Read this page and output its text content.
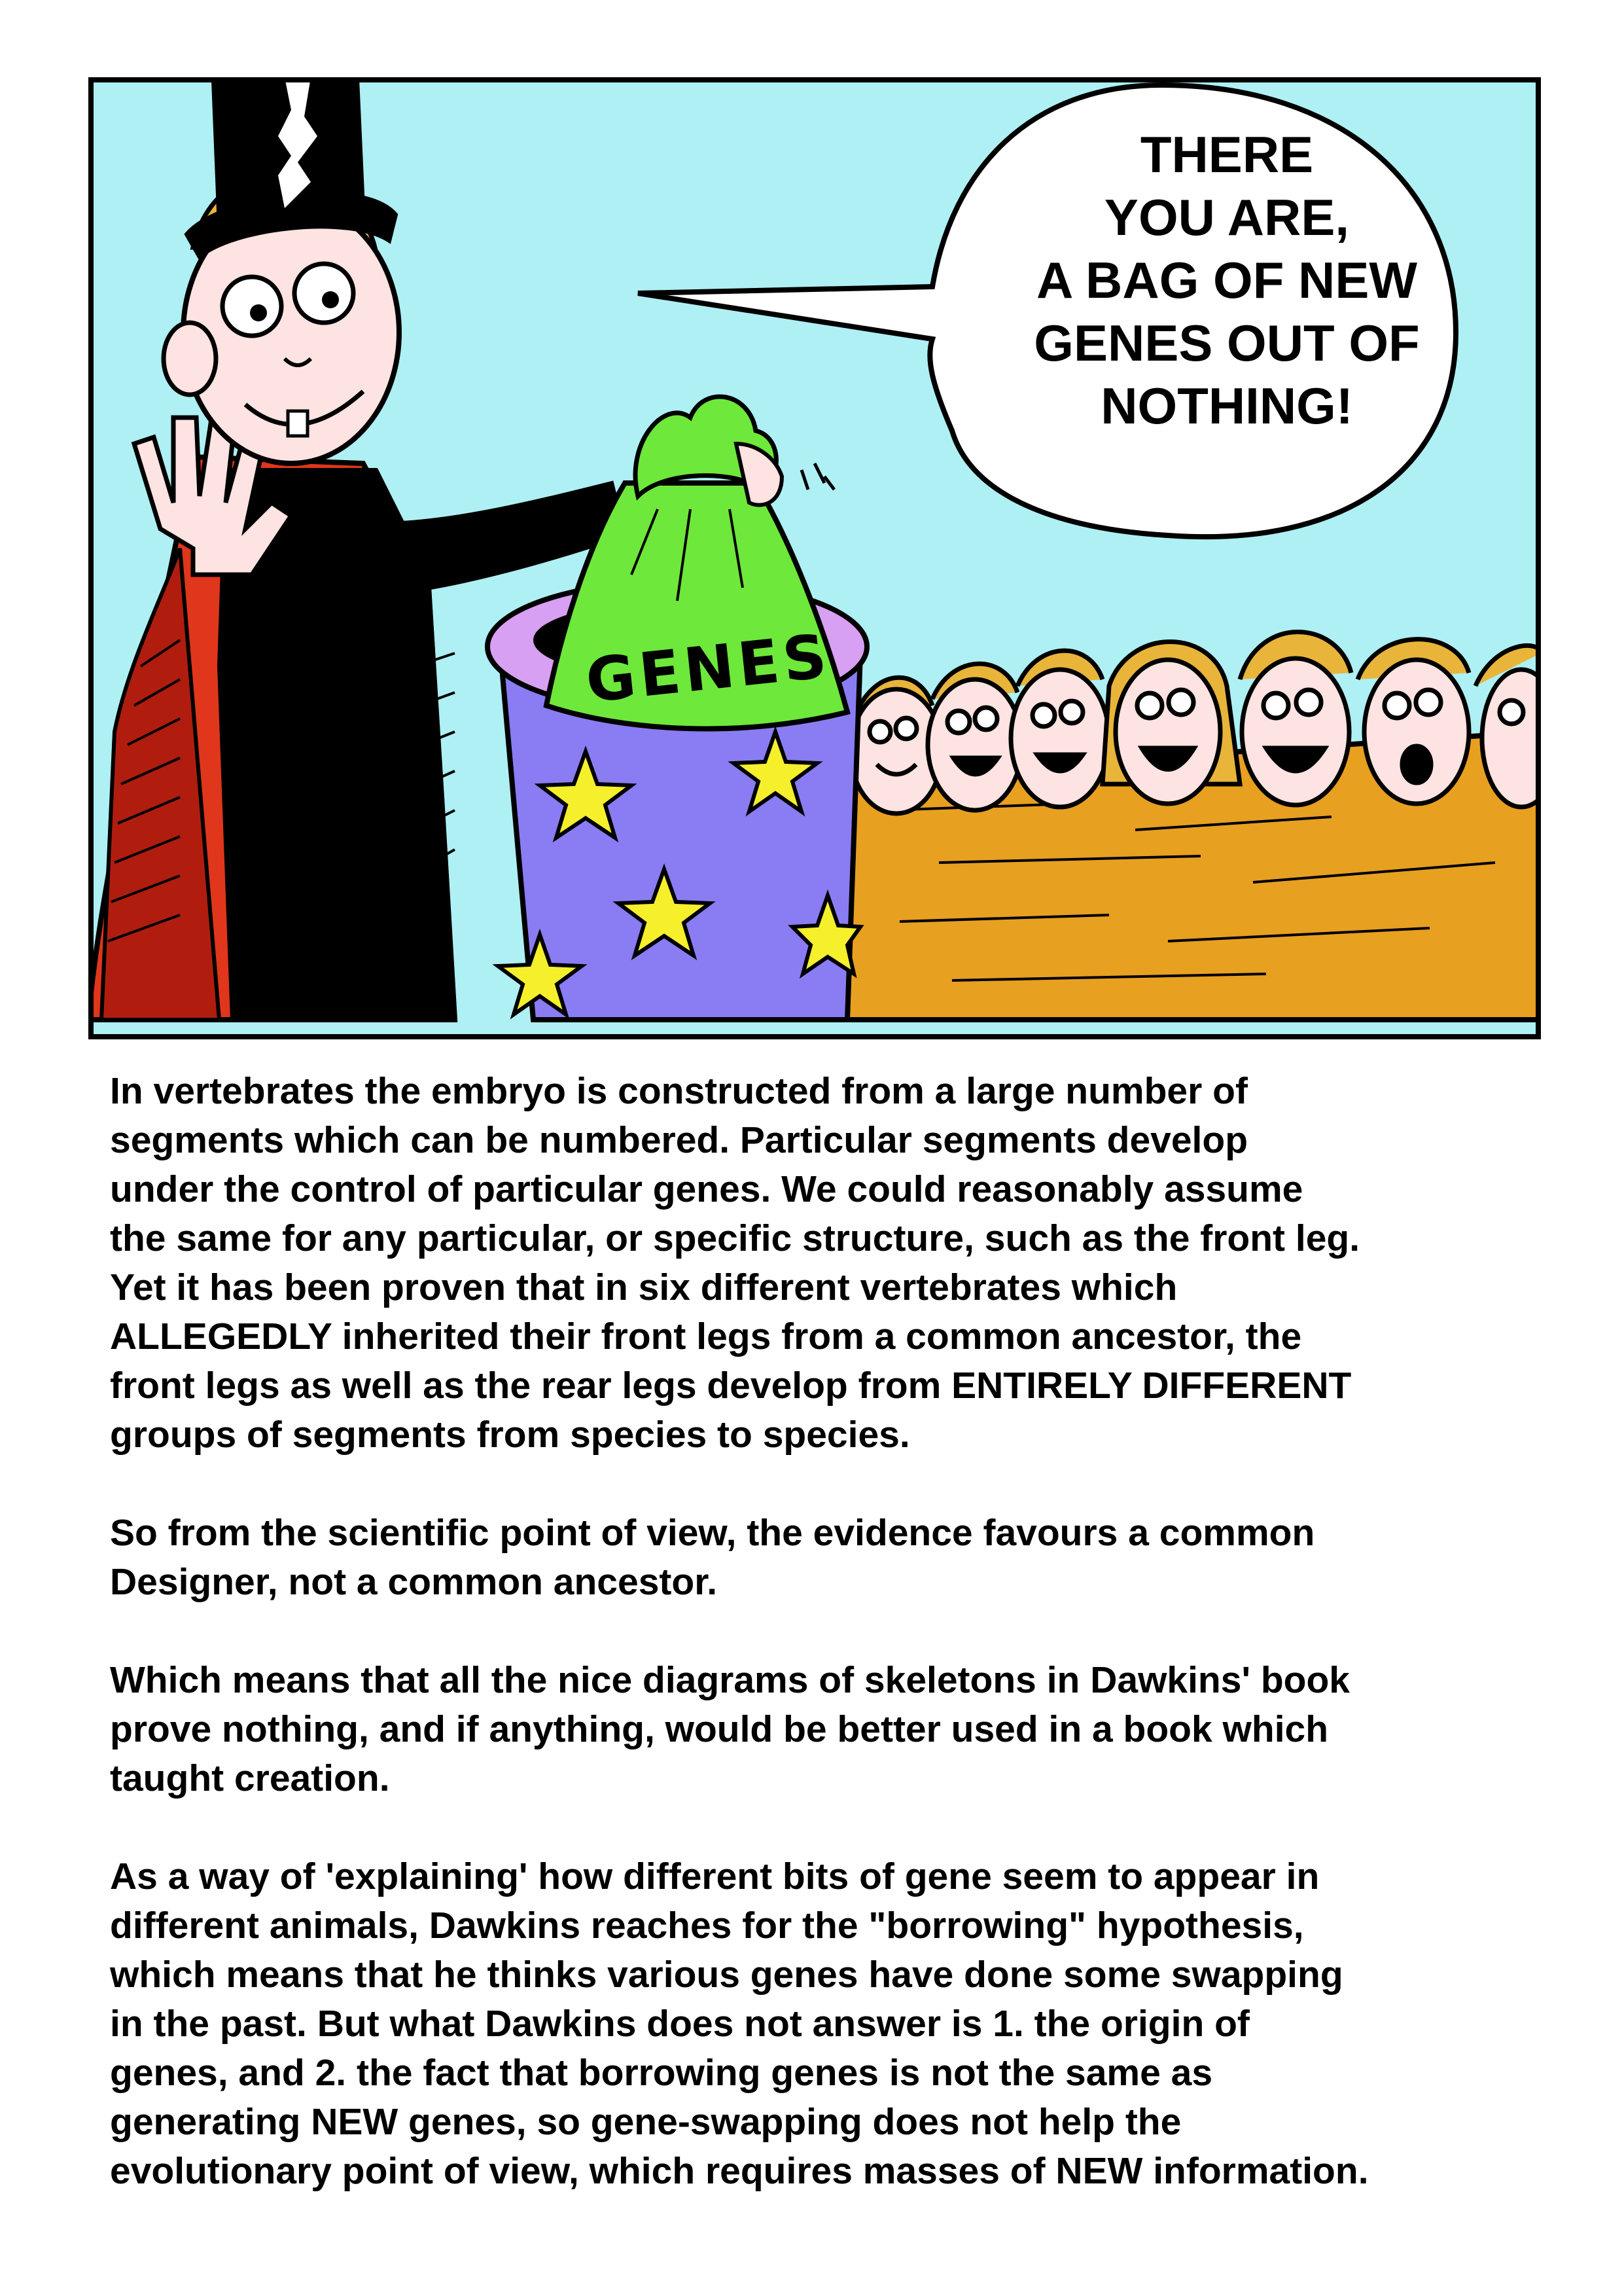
THERE
YOU ARE,
A BAG OF NEW
GENES OUT OF
NOTHING!
GENES

In vertebrates the embryo is constructed from a large number of
segments which can be numbered. Particular segments develop
under the control of particular genes. We could reasonably assume
the same for any particular, or specific structure, such as the front leg.
Yet it has been proven that in six different vertebrates which
ALLEGEDLY inherited their front legs from a common ancestor, the
front legs as well as the rear legs develop from ENTIRELY DIFFERENT
groups of segments from species to species.

So from the scientific point of view, the evidence favours a common
Designer, not a common ancestor.

Which means that all the nice diagrams of skeletons in Dawkins' book
prove nothing, and if anything, would be better used in a book which
taught creation.

As a way of 'explaining' how different bits of gene seem to appear in
different animals, Dawkins reaches for the "borrowing" hypothesis,
which means that he thinks various genes have done some swapping
in the past. But what Dawkins does not answer is 1. the origin of
genes, and 2. the fact that borrowing genes is not the same as
generating NEW genes, so gene-swapping does not help the
evolutionary point of view, which requires masses of NEW information.
